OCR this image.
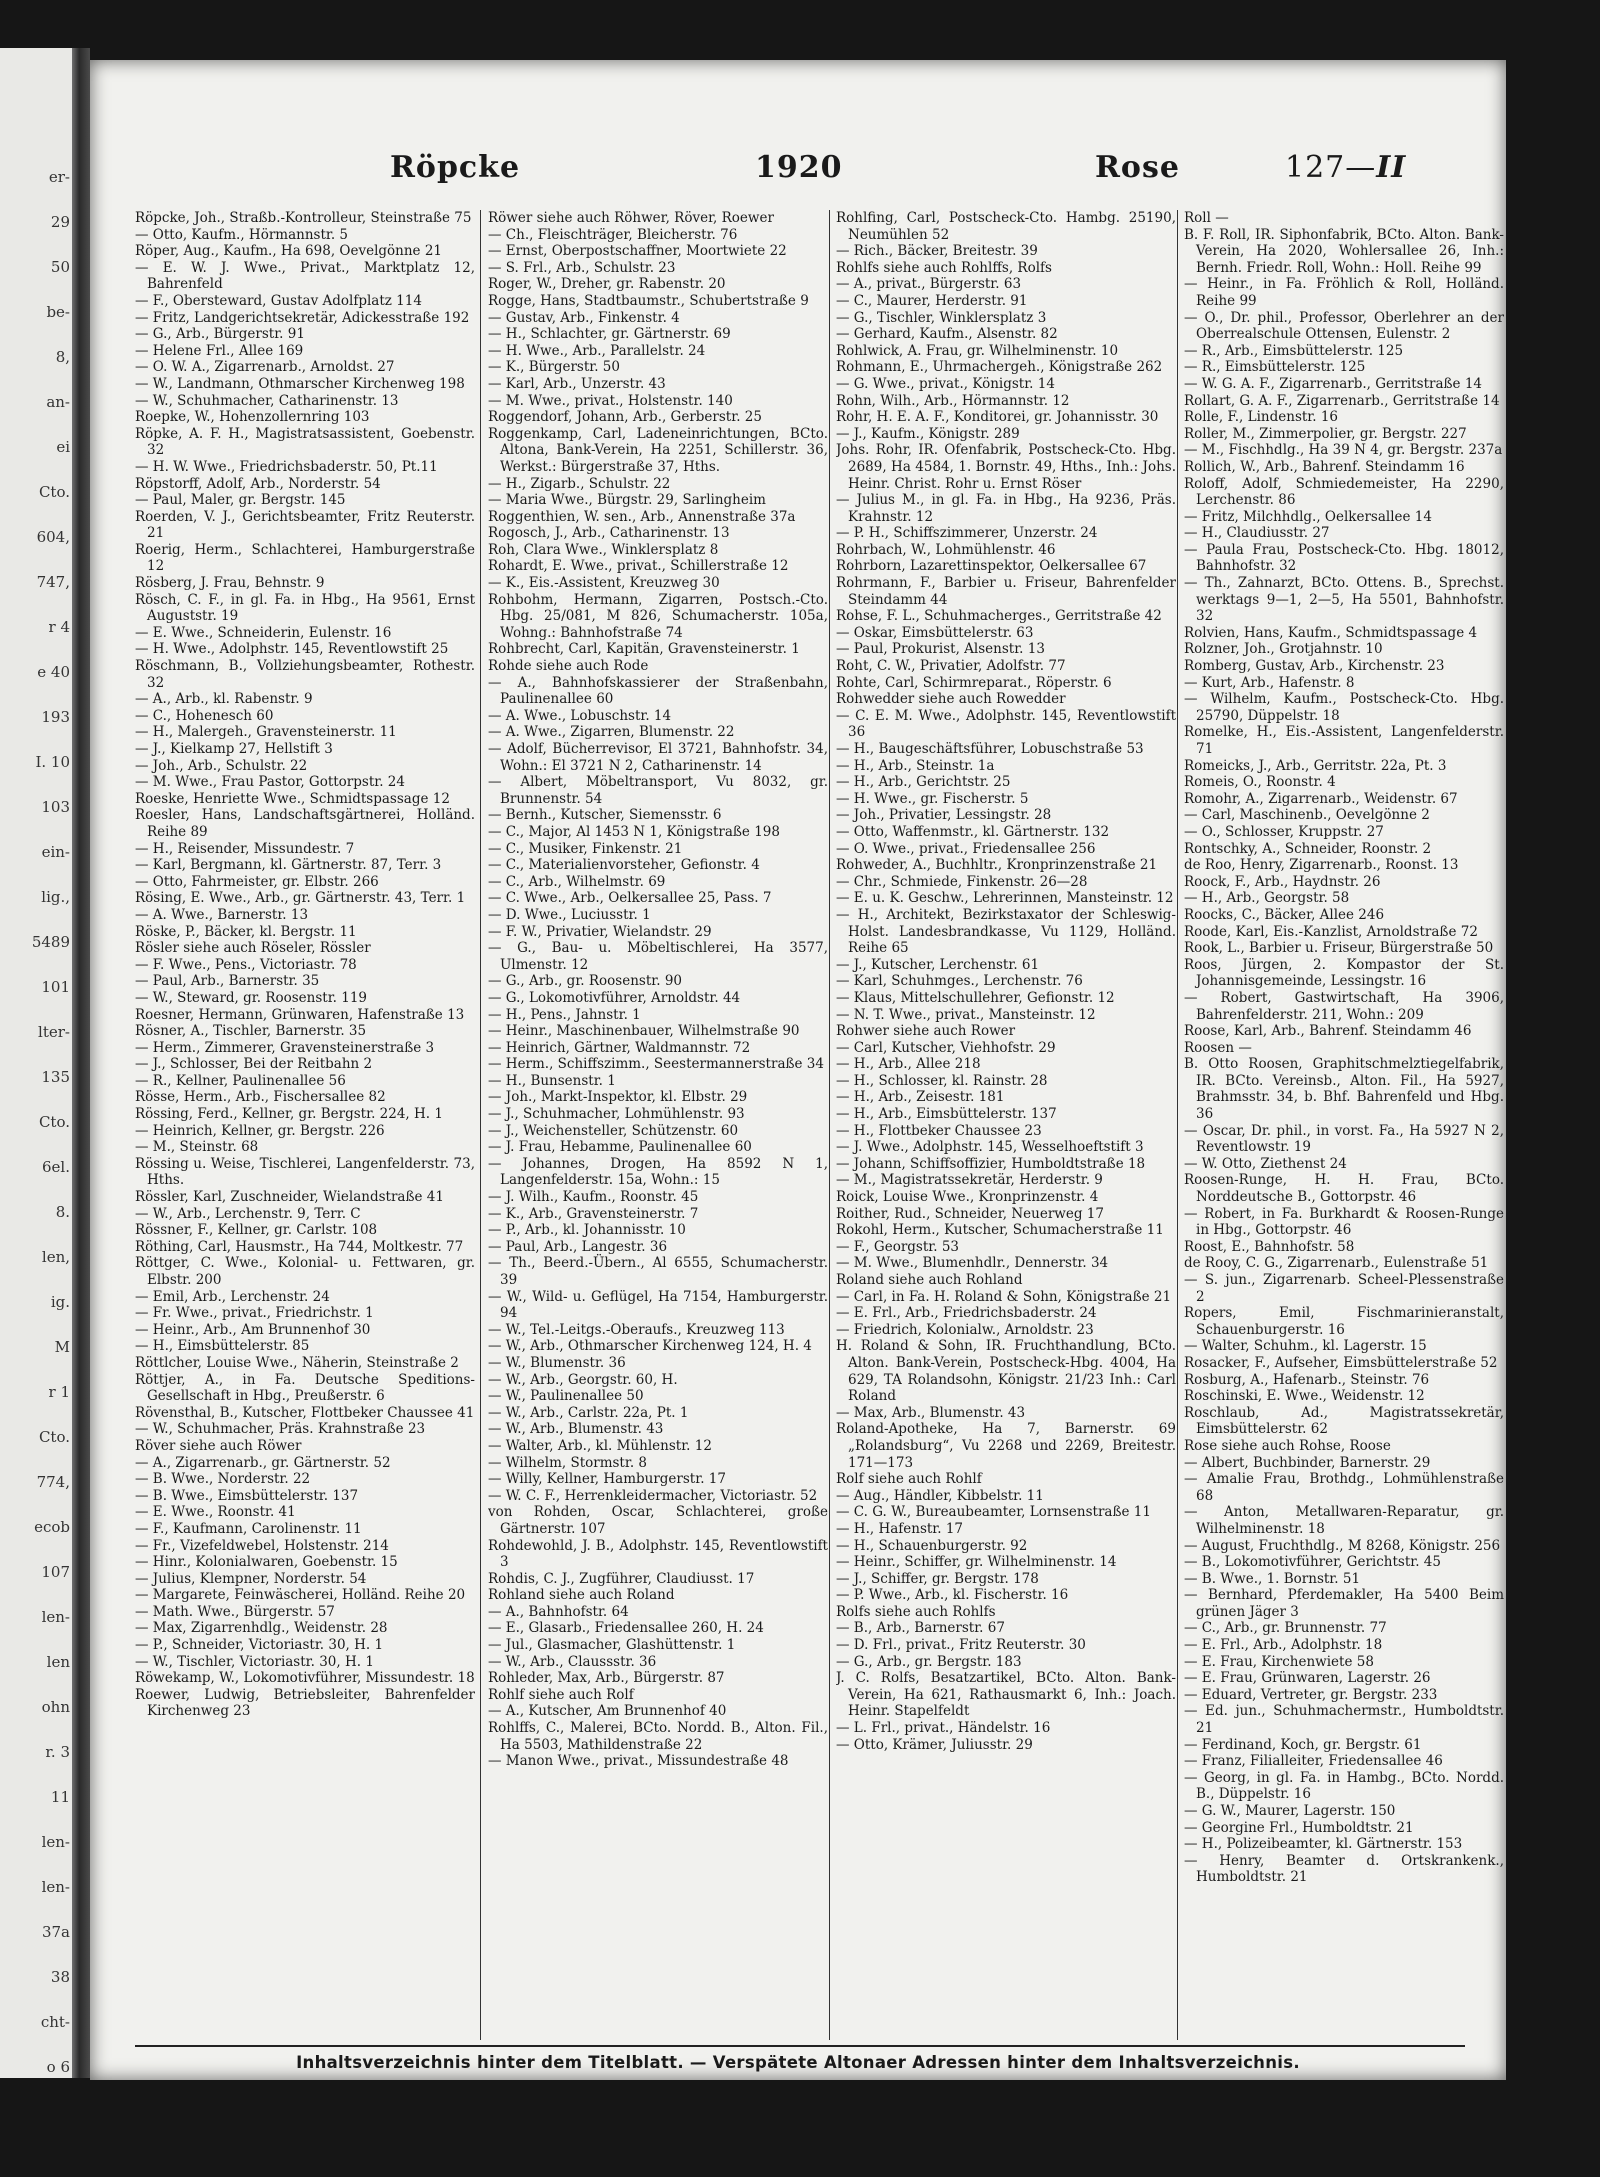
er-
29
50
be-
8,
an-
ei
Cto.
604,
747,
r 4
e 40
193
I. 10
103
ein-
lig.,
5489
101
lter-
135
Cto.
6el.
8.
len,
ig.
M
r 1
Cto.
774,
ecob
107
len-
len
ohn
r. 3
11
len-
len-
37a
38
cht-
o 6
Röpcke	1920	Rose	127—II
Röpcke, Joh., Straßb.-Kontrolleur, Steinstraße 75
— Otto, Kaufm., Hörmannstr. 5
Röper, Aug., Kaufm., Ha 698, Oevelgönne 21
— E. W. J. Wwe., Privat., Marktplatz 12, Bahrenfeld
— F., Obersteward, Gustav Adolfplatz 114
— Fritz, Landgerichtsekretär, Adickesstraße 192
— G., Arb., Bürgerstr. 91
— Helene Frl., Allee 169
— O. W. A., Zigarrenarb., Arnoldst. 27
— W., Landmann, Othmarscher Kirchenweg 198
— W., Schuhmacher, Catharinenstr. 13
Roepke, W., Hohenzollernring 103
Röpke, A. F. H., Magistratsassistent, Goebenstr. 32
— H. W. Wwe., Friedrichsbaderstr. 50, Pt.11
Röpstorff, Adolf, Arb., Norderstr. 54
— Paul, Maler, gr. Bergstr. 145
Roerden, V. J., Gerichtsbeamter, Fritz Reuterstr. 21
Roerig, Herm., Schlachterei, Hamburgerstraße 12
Rösberg, J. Frau, Behnstr. 9
Rösch, C. F., in gl. Fa. in Hbg., Ha 9561, Ernst Auguststr. 19
— E. Wwe., Schneiderin, Eulenstr. 16
— H. Wwe., Adolphstr. 145, Reventlowstift 25
Röschmann, B., Vollziehungsbeamter, Rothestr. 32
— A., Arb., kl. Rabenstr. 9
— C., Hohenesch 60
— H., Malergeh., Gravensteinerstr. 11
— J., Kielkamp 27, Hellstift 3
— Joh., Arb., Schulstr. 22
— M. Wwe., Frau Pastor, Gottorpstr. 24
Roeske, Henriette Wwe., Schmidtspassage 12
Roesler, Hans, Landschaftsgärtnerei, Holländ. Reihe 89
— H., Reisender, Missundestr. 7
— Karl, Bergmann, kl. Gärtnerstr. 87, Terr. 3
— Otto, Fahrmeister, gr. Elbstr. 266
Rösing, E. Wwe., Arb., gr. Gärtnerstr. 43, Terr. 1
— A. Wwe., Barnerstr. 13
Röske, P., Bäcker, kl. Bergstr. 11
Rösler siehe auch Röseler, Rössler
— F. Wwe., Pens., Victoriastr. 78
— Paul, Arb., Barnerstr. 35
— W., Steward, gr. Roosenstr. 119
Roesner, Hermann, Grünwaren, Hafenstraße 13
Rösner, A., Tischler, Barnerstr. 35
— Herm., Zimmerer, Gravensteinerstraße 3
— J., Schlosser, Bei der Reitbahn 2
— R., Kellner, Paulinenallee 56
Rösse, Herm., Arb., Fischersallee 82
Rössing, Ferd., Kellner, gr. Bergstr. 224, H. 1
— Heinrich, Kellner, gr. Bergstr. 226
— M., Steinstr. 68
Rössing u. Weise, Tischlerei, Langenfelderstr. 73, Hths.
Rössler, Karl, Zuschneider, Wielandstraße 41
— W., Arb., Lerchenstr. 9, Terr. C
Rössner, F., Kellner, gr. Carlstr. 108
Röthing, Carl, Hausmstr., Ha 744, Moltkestr. 77
Röttger, C. Wwe., Kolonial- u. Fettwaren, gr. Elbstr. 200
— Emil, Arb., Lerchenstr. 24
— Fr. Wwe., privat., Friedrichstr. 1
— Heinr., Arb., Am Brunnenhof 30
— H., Eimsbüttelerstr. 85
Röttlcher, Louise Wwe., Näherin, Steinstraße 2
Röttjer, A., in Fa. Deutsche Speditions-Gesellschaft in Hbg., Preußerstr. 6
Rövensthal, B., Kutscher, Flottbeker Chaussee 41
— W., Schuhmacher, Präs. Krahnstraße 23
Röver siehe auch Röwer
— A., Zigarrenarb., gr. Gärtnerstr. 52
— B. Wwe., Norderstr. 22
— B. Wwe., Eimsbüttelerstr. 137
— E. Wwe., Roonstr. 41
— F., Kaufmann, Carolinenstr. 11
— Fr., Vizefeldwebel, Holstenstr. 214
— Hinr., Kolonialwaren, Goebenstr. 15
— Julius, Klempner, Norderstr. 54
— Margarete, Feinwäscherei, Holländ. Reihe 20
— Math. Wwe., Bürgerstr. 57
— Max, Zigarrenhdlg., Weidenstr. 28
— P., Schneider, Victoriastr. 30, H. 1
— W., Tischler, Victoriastr. 30, H. 1
Röwekamp, W., Lokomotivführer, Missundestr. 18
Roewer, Ludwig, Betriebsleiter, Bahrenfelder Kirchenweg 23
Röwer siehe auch Röhwer, Röver, Roewer
— Ch., Fleischträger, Bleicherstr. 76
— Ernst, Oberpostschaffner, Moortwiete 22
— S. Frl., Arb., Schulstr. 23
Roger, W., Dreher, gr. Rabenstr. 20
Rogge, Hans, Stadtbaumstr., Schubertstraße 9
— Gustav, Arb., Finkenstr. 4
— H., Schlachter, gr. Gärtnerstr. 69
— H. Wwe., Arb., Parallelstr. 24
— K., Bürgerstr. 50
— Karl, Arb., Unzerstr. 43
— M. Wwe., privat., Holstenstr. 140
Roggendorf, Johann, Arb., Gerberstr. 25
Roggenkamp, Carl, Ladeneinrichtungen, BCto. Altona, Bank-Verein, Ha 2251, Schillerstr. 36, Werkst.: Bürgerstraße 37, Hths.
— H., Zigarb., Schulstr. 22
— Maria Wwe., Bürgstr. 29, Sarlingheim
Roggenthien, W. sen., Arb., Annenstraße 37a
Rogosch, J., Arb., Catharinenstr. 13
Roh, Clara Wwe., Winklersplatz 8
Rohardt, E. Wwe., privat., Schillerstraße 12
— K., Eis.-Assistent, Kreuzweg 30
Rohbohm, Hermann, Zigarren, Postsch.-Cto. Hbg. 25/081, M 826, Schumacherstr. 105a, Wohng.: Bahnhofstraße 74
Rohbrecht, Carl, Kapitän, Gravensteinerstr. 1
Rohde siehe auch Rode
— A., Bahnhofskassierer der Straßenbahn, Paulinenallee 60
— A. Wwe., Lobuschstr. 14
— A. Wwe., Zigarren, Blumenstr. 22
— Adolf, Bücherrevisor, El 3721, Bahnhofstr. 34, Wohn.: El 3721 N 2, Catharinenstr. 14
— Albert, Möbeltransport, Vu 8032, gr. Brunnenstr. 54
— Bernh., Kutscher, Siemensstr. 6
— C., Major, Al 1453 N 1, Königstraße 198
— C., Musiker, Finkenstr. 21
— C., Materialienvorsteher, Gefionstr. 4
— C., Arb., Wilhelmstr. 69
— C. Wwe., Arb., Oelkersallee 25, Pass. 7
— D. Wwe., Luciusstr. 1
— F. W., Privatier, Wielandstr. 29
— G., Bau- u. Möbeltischlerei, Ha 3577, Ulmenstr. 12
— G., Arb., gr. Roosenstr. 90
— G., Lokomotivführer, Arnoldstr. 44
— H., Pens., Jahnstr. 1
— Heinr., Maschinenbauer, Wilhelmstraße 90
— Heinrich, Gärtner, Waldmannstr. 72
— Herm., Schiffszimm., Seestermannerstraße 34
— H., Bunsenstr. 1
— Joh., Markt-Inspektor, kl. Elbstr. 29
— J., Schuhmacher, Lohmühlenstr. 93
— J., Weichensteller, Schützenstr. 60
— J. Frau, Hebamme, Paulinenallee 60
— Johannes, Drogen, Ha 8592 N 1, Langenfelderstr. 15a, Wohn.: 15
— J. Wilh., Kaufm., Roonstr. 45
— K., Arb., Gravensteinerstr. 7
— P., Arb., kl. Johannisstr. 10
— Paul, Arb., Langestr. 36
— Th., Beerd.-Übern., Al 6555, Schumacherstr. 39
— W., Wild- u. Geflügel, Ha 7154, Hamburgerstr. 94
— W., Tel.-Leitgs.-Oberaufs., Kreuzweg 113
— W., Arb., Othmarscher Kirchenweg 124, H. 4
— W., Blumenstr. 36
— W., Arb., Georgstr. 60, H.
— W., Paulinenallee 50
— W., Arb., Carlstr. 22a, Pt. 1
— W., Arb., Blumenstr. 43
— Walter, Arb., kl. Mühlenstr. 12
— Wilhelm, Stormstr. 8
— Willy, Kellner, Hamburgerstr. 17
— W. C. F., Herrenkleidermacher, Victoriastr. 52
von Rohden, Oscar, Schlachterei, große Gärtnerstr. 107
Rohdewohld, J. B., Adolphstr. 145, Reventlowstift 3
Rohdis, C. J., Zugführer, Claudiusst. 17
Rohland siehe auch Roland
— A., Bahnhofstr. 64
— E., Glasarb., Friedensallee 260, H. 24
— Jul., Glasmacher, Glashüttenstr. 1
— W., Arb., Claussstr. 36
Rohleder, Max, Arb., Bürgerstr. 87
Rohlf siehe auch Rolf
— A., Kutscher, Am Brunnenhof 40
Rohlffs, C., Malerei, BCto. Nordd. B., Alton. Fil., Ha 5503, Mathildenstraße 22
— Manon Wwe., privat., Missundestraße 48
Rohlfing, Carl, Postscheck-Cto. Hambg. 25190, Neumühlen 52
— Rich., Bäcker, Breitestr. 39
Rohlfs siehe auch Rohlffs, Rolfs
— A., privat., Bürgerstr. 63
— C., Maurer, Herderstr. 91
— G., Tischler, Winklersplatz 3
— Gerhard, Kaufm., Alsenstr. 82
Rohlwick, A. Frau, gr. Wilhelminenstr. 10
Rohmann, E., Uhrmachergeh., Königstraße 262
— G. Wwe., privat., Königstr. 14
Rohn, Wilh., Arb., Hörmannstr. 12
Rohr, H. E. A. F., Konditorei, gr. Johannisstr. 30
— J., Kaufm., Königstr. 289
Johs. Rohr, IR. Ofenfabrik, Postscheck-Cto. Hbg. 2689, Ha 4584, 1. Bornstr. 49, Hths., Inh.: Johs. Heinr. Christ. Rohr u. Ernst Röser
— Julius M., in gl. Fa. in Hbg., Ha 9236, Präs. Krahnstr. 12
— P. H., Schiffszimmerer, Unzerstr. 24
Rohrbach, W., Lohmühlenstr. 46
Rohrborn, Lazarettinspektor, Oelkersallee 67
Rohrmann, F., Barbier u. Friseur, Bahrenfelder Steindamm 44
Rohse, F. L., Schuhmacherges., Gerritstraße 42
— Oskar, Eimsbüttelerstr. 63
— Paul, Prokurist, Alsenstr. 13
Roht, C. W., Privatier, Adolfstr. 77
Rohte, Carl, Schirmreparat., Röperstr. 6
Rohwedder siehe auch Rowedder
— C. E. M. Wwe., Adolphstr. 145, Reventlowstift 36
— H., Baugeschäftsführer, Lobuschstraße 53
— H., Arb., Steinstr. 1a
— H., Arb., Gerichtstr. 25
— H. Wwe., gr. Fischerstr. 5
— Joh., Privatier, Lessingstr. 28
— Otto, Waffenmstr., kl. Gärtnerstr. 132
— O. Wwe., privat., Friedensallee 256
Rohweder, A., Buchhltr., Kronprinzenstraße 21
— Chr., Schmiede, Finkenstr. 26—28
— E. u. K. Geschw., Lehrerinnen, Mansteinstr. 12
— H., Architekt, Bezirkstaxator der Schleswig-Holst. Landesbrandkasse, Vu 1129, Holländ. Reihe 65
— J., Kutscher, Lerchenstr. 61
— Karl, Schuhmges., Lerchenstr. 76
— Klaus, Mittelschullehrer, Gefionstr. 12
— N. T. Wwe., privat., Mansteinstr. 12
Rohwer siehe auch Rower
— Carl, Kutscher, Viehhofstr. 29
— H., Arb., Allee 218
— H., Schlosser, kl. Rainstr. 28
— H., Arb., Zeisestr. 181
— H., Arb., Eimsbüttelerstr. 137
— H., Flottbeker Chaussee 23
— J. Wwe., Adolphstr. 145, Wesselhoeftstift 3
— Johann, Schiffsoffizier, Humboldtstraße 18
— M., Magistratssekretär, Herderstr. 9
Roick, Louise Wwe., Kronprinzenstr. 4
Roither, Rud., Schneider, Neuerweg 17
Rokohl, Herm., Kutscher, Schumacherstraße 11
— F., Georgstr. 53
— M. Wwe., Blumenhdlr., Dennerstr. 34
Roland siehe auch Rohland
— Carl, in Fa. H. Roland & Sohn, Königstraße 21
— E. Frl., Arb., Friedrichsbaderstr. 24
— Friedrich, Kolonialw., Arnoldstr. 23
H. Roland & Sohn, IR. Fruchthandlung, BCto. Alton. Bank-Verein, Postscheck-Hbg. 4004, Ha 629, TA Rolandsohn, Königstr. 21/23 Inh.: Carl Roland
— Max, Arb., Blumenstr. 43
Roland-Apotheke, Ha 7, Barnerstr. 69 „Rolandsburg“, Vu 2268 und 2269, Breitestr. 171—173
Rolf siehe auch Rohlf
— Aug., Händler, Kibbelstr. 11
— C. G. W., Bureaubeamter, Lornsenstraße 11
— H., Hafenstr. 17
— H., Schauenburgerstr. 92
— Heinr., Schiffer, gr. Wilhelminenstr. 14
— J., Schiffer, gr. Bergstr. 178
— P. Wwe., Arb., kl. Fischerstr. 16
Rolfs siehe auch Rohlfs
— B., Arb., Barnerstr. 67
— D. Frl., privat., Fritz Reuterstr. 30
— G., Arb., gr. Bergstr. 183
J. C. Rolfs, Besatzartikel, BCto. Alton. Bank-Verein, Ha 621, Rathausmarkt 6, Inh.: Joach. Heinr. Stapelfeldt
— L. Frl., privat., Händelstr. 16
— Otto, Krämer, Juliusstr. 29
Roll —
B. F. Roll, IR. Siphonfabrik, BCto. Alton. Bank-Verein, Ha 2020, Wohlersallee 26, Inh.: Bernh. Friedr. Roll, Wohn.: Holl. Reihe 99
— Heinr., in Fa. Fröhlich & Roll, Holländ. Reihe 99
— O., Dr. phil., Professor, Oberlehrer an der Oberrealschule Ottensen, Eulenstr. 2
— R., Arb., Eimsbüttelerstr. 125
— R., Eimsbüttelerstr. 125
— W. G. A. F., Zigarrenarb., Gerritstraße 14
Rollart, G. A. F., Zigarrenarb., Gerritstraße 14
Rolle, F., Lindenstr. 16
Roller, M., Zimmerpolier, gr. Bergstr. 227
— M., Fischhdlg., Ha 39 N 4, gr. Bergstr. 237a
Rollich, W., Arb., Bahrenf. Steindamm 16
Roloff, Adolf, Schmiedemeister, Ha 2290, Lerchenstr. 86
— Fritz, Milchhdlg., Oelkersallee 14
— H., Claudiusstr. 27
— Paula Frau, Postscheck-Cto. Hbg. 18012, Bahnhofstr. 32
— Th., Zahnarzt, BCto. Ottens. B., Sprechst. werktags 9—1, 2—5, Ha 5501, Bahnhofstr. 32
Rolvien, Hans, Kaufm., Schmidtspassage 4
Rolzner, Joh., Grotjahnstr. 10
Romberg, Gustav, Arb., Kirchenstr. 23
— Kurt, Arb., Hafenstr. 8
— Wilhelm, Kaufm., Postscheck-Cto. Hbg. 25790, Düppelstr. 18
Romelke, H., Eis.-Assistent, Langenfelderstr. 71
Romeicks, J., Arb., Gerritstr. 22a, Pt. 3
Romeis, O., Roonstr. 4
Romohr, A., Zigarrenarb., Weidenstr. 67
— Carl, Maschinenb., Oevelgönne 2
— O., Schlosser, Kruppstr. 27
Rontschky, A., Schneider, Roonstr. 2
de Roo, Henry, Zigarrenarb., Roonst. 13
Roock, F., Arb., Haydnstr. 26
— H., Arb., Georgstr. 58
Roocks, C., Bäcker, Allee 246
Roode, Karl, Eis.-Kanzlist, Arnoldstraße 72
Rook, L., Barbier u. Friseur, Bürgerstraße 50
Roos, Jürgen, 2. Kompastor der St. Johannisgemeinde, Lessingstr. 16
— Robert, Gastwirtschaft, Ha 3906, Bahrenfelderstr. 211, Wohn.: 209
Roose, Karl, Arb., Bahrenf. Steindamm 46
Roosen —
B. Otto Roosen, Graphitschmelztiegelfabrik, IR. BCto. Vereinsb., Alton. Fil., Ha 5927, Brahmsstr. 34, b. Bhf. Bahrenfeld und Hbg. 36
— Oscar, Dr. phil., in vorst. Fa., Ha 5927 N 2, Reventlowstr. 19
— W. Otto, Ziethenst 24
Roosen-Runge, H. H. Frau, BCto. Norddeutsche B., Gottorpstr. 46
— Robert, in Fa. Burkhardt & Roosen-Runge in Hbg., Gottorpstr. 46
Roost, E., Bahnhofstr. 58
de Rooy, C. G., Zigarrenarb., Eulenstraße 51
— S. jun., Zigarrenarb. Scheel-Plessenstraße 2
Ropers, Emil, Fischmarinieranstalt, Schauenburgerstr. 16
— Walter, Schuhm., kl. Lagerstr. 15
Rosacker, F., Aufseher, Eimsbüttelerstraße 52
Rosburg, A., Hafenarb., Steinstr. 76
Roschinski, E. Wwe., Weidenstr. 12
Roschlaub, Ad., Magistratssekretär, Eimsbüttelerstr. 62
Rose siehe auch Rohse, Roose
— Albert, Buchbinder, Barnerstr. 29
— Amalie Frau, Brothdg., Lohmühlenstraße 68
— Anton, Metallwaren-Reparatur, gr. Wilhelminenstr. 18
— August, Fruchthdlg., M 8268, Königstr. 256
— B., Lokomotivführer, Gerichtstr. 45
— B. Wwe., 1. Bornstr. 51
— Bernhard, Pferdemakler, Ha 5400 Beim grünen Jäger 3
— C., Arb., gr. Brunnenstr. 77
— E. Frl., Arb., Adolphstr. 18
— E. Frau, Kirchenwiete 58
— E. Frau, Grünwaren, Lagerstr. 26
— Eduard, Vertreter, gr. Bergstr. 233
— Ed. jun., Schuhmachermstr., Humboldtstr. 21
— Ferdinand, Koch, gr. Bergstr. 61
— Franz, Filialleiter, Friedensallee 46
— Georg, in gl. Fa. in Hambg., BCto. Nordd. B., Düppelstr. 16
— G. W., Maurer, Lagerstr. 150
— Georgine Frl., Humboldtstr. 21
— H., Polizeibeamter, kl. Gärtnerstr. 153
— Henry, Beamter d. Ortskrankenk., Humboldtstr. 21
Inhaltsverzeichnis hinter dem Titelblatt. — Verspätete Altonaer Adressen hinter dem Inhaltsverzeichnis.
